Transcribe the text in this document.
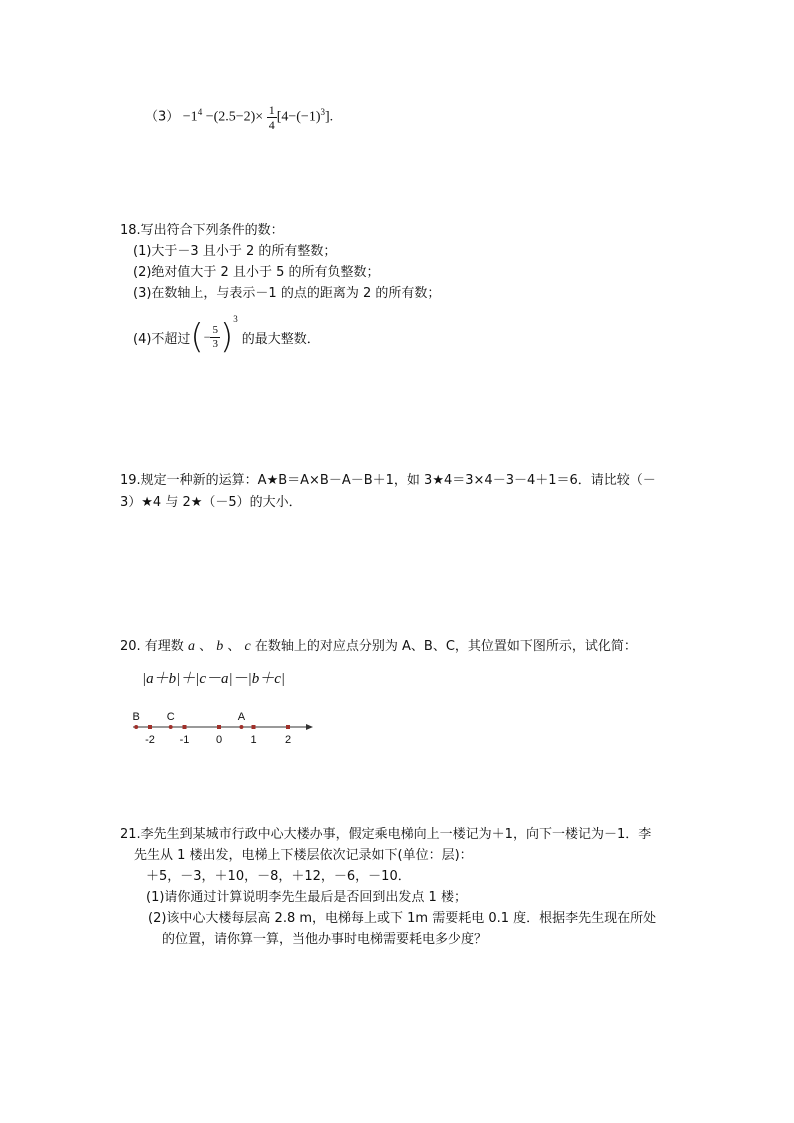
$(3) -1^4 -(2.5-2)\times \frac{1}{4} [4-(-1)^3]$.
18.写出符合下列条件的数：
(1)大于－3 且小于 2 的所有整数；
(2)绝对值大于 2 且小于 5 的所有负整数；
(3)在数轴上，与表示－1 的点的距离为 2 的所有数；
(4)不超过 ( − $\frac{5}{3}$ ) 3
的最大整数．
19.规定一种新的运算：A★B＝A×B－A－B＋1，如 3★4＝3×4－3－4＋1＝6．请比较（－
3）★4 与 2★（－5）的大小．
20. 有理数 a 、 b 、 c 在数轴上的对应点分别为 A、B、C，其位置如下图所示，试化简：
|a＋b|＋|c－a|－|b＋c|
-2 -1 0	1	2
B C	A
21.李先生到某城市行政中心大楼办事，假定乘电梯向上一楼记为＋1，向下一楼记为－1．李
先生从 1 楼出发，电梯上下楼层依次记录如下(单位：层)：
＋5，－3，＋10，－8，＋12，－6，－10．
(1)请你通过计算说明李先生最后是否回到出发点 1 楼；
(2)该中心大楼每层高 2.8 m，电梯每上或下 1m 需要耗电 0.1 度．根据李先生现在所处
的位置，请你算一算，当他办事时电梯需要耗电多少度？
